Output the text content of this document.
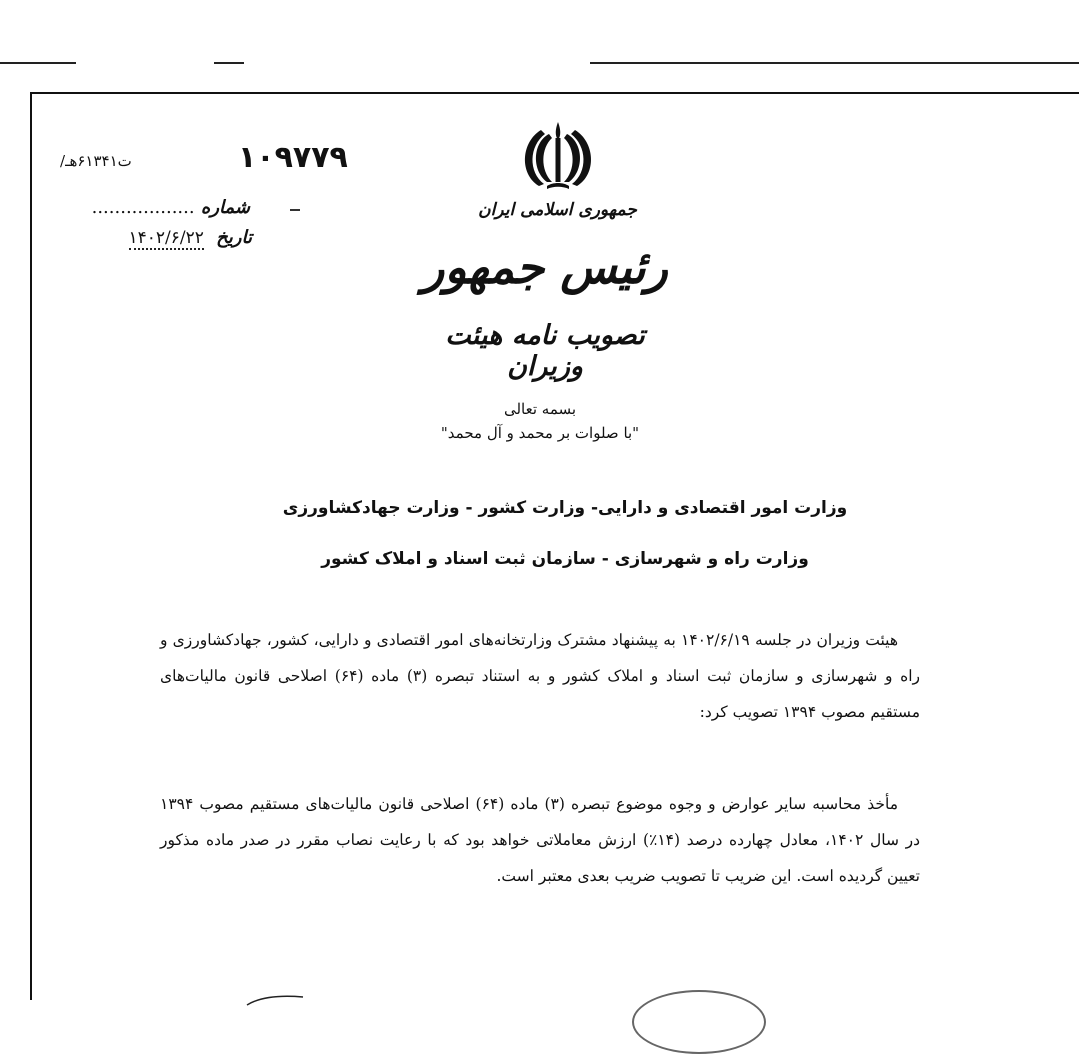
/ت۶۱۳۴۱هـ	۱۰۹۷۷۹
شماره ..................
تاریخ ۱۴۰۲/۶/۲۲
جمهوری اسلامی ایران
رئیس جمهور
تصویب نامه هیئت وزیران
بسمه تعالی
"با صلوات بر محمد و آل محمد"
وزارت امور اقتصادی و دارایی- وزارت کشور - وزارت جهادکشاورزی
وزارت راه و شهرسازی - سازمان ثبت اسناد و املاک کشور
هیئت وزیران در جلسه ۱۴۰۲/۶/۱۹ به پیشنهاد مشترک وزارتخانه‌های امور اقتصادی و دارایی، کشور، جهادکشاورزی و راه و شهرسازی و سازمان ثبت اسناد و املاک کشور و به استناد تبصره (۳) ماده (۶۴) اصلاحی قانون مالیات‌های مستقیم مصوب ۱۳۹۴ تصویب کرد:
مأخذ محاسبه سایر عوارض و وجوه موضوع تبصره (۳) ماده (۶۴) اصلاحی قانون مالیات‌های مستقیم مصوب ۱۳۹۴ در سال ۱۴۰۲، معادل چهارده درصد (۱۴٪) ارزش معاملاتی خواهد بود که با رعایت نصاب مقرر در صدر ماده مذکور تعیین گردیده است. این ضریب تا تصویب ضریب بعدی معتبر است.
